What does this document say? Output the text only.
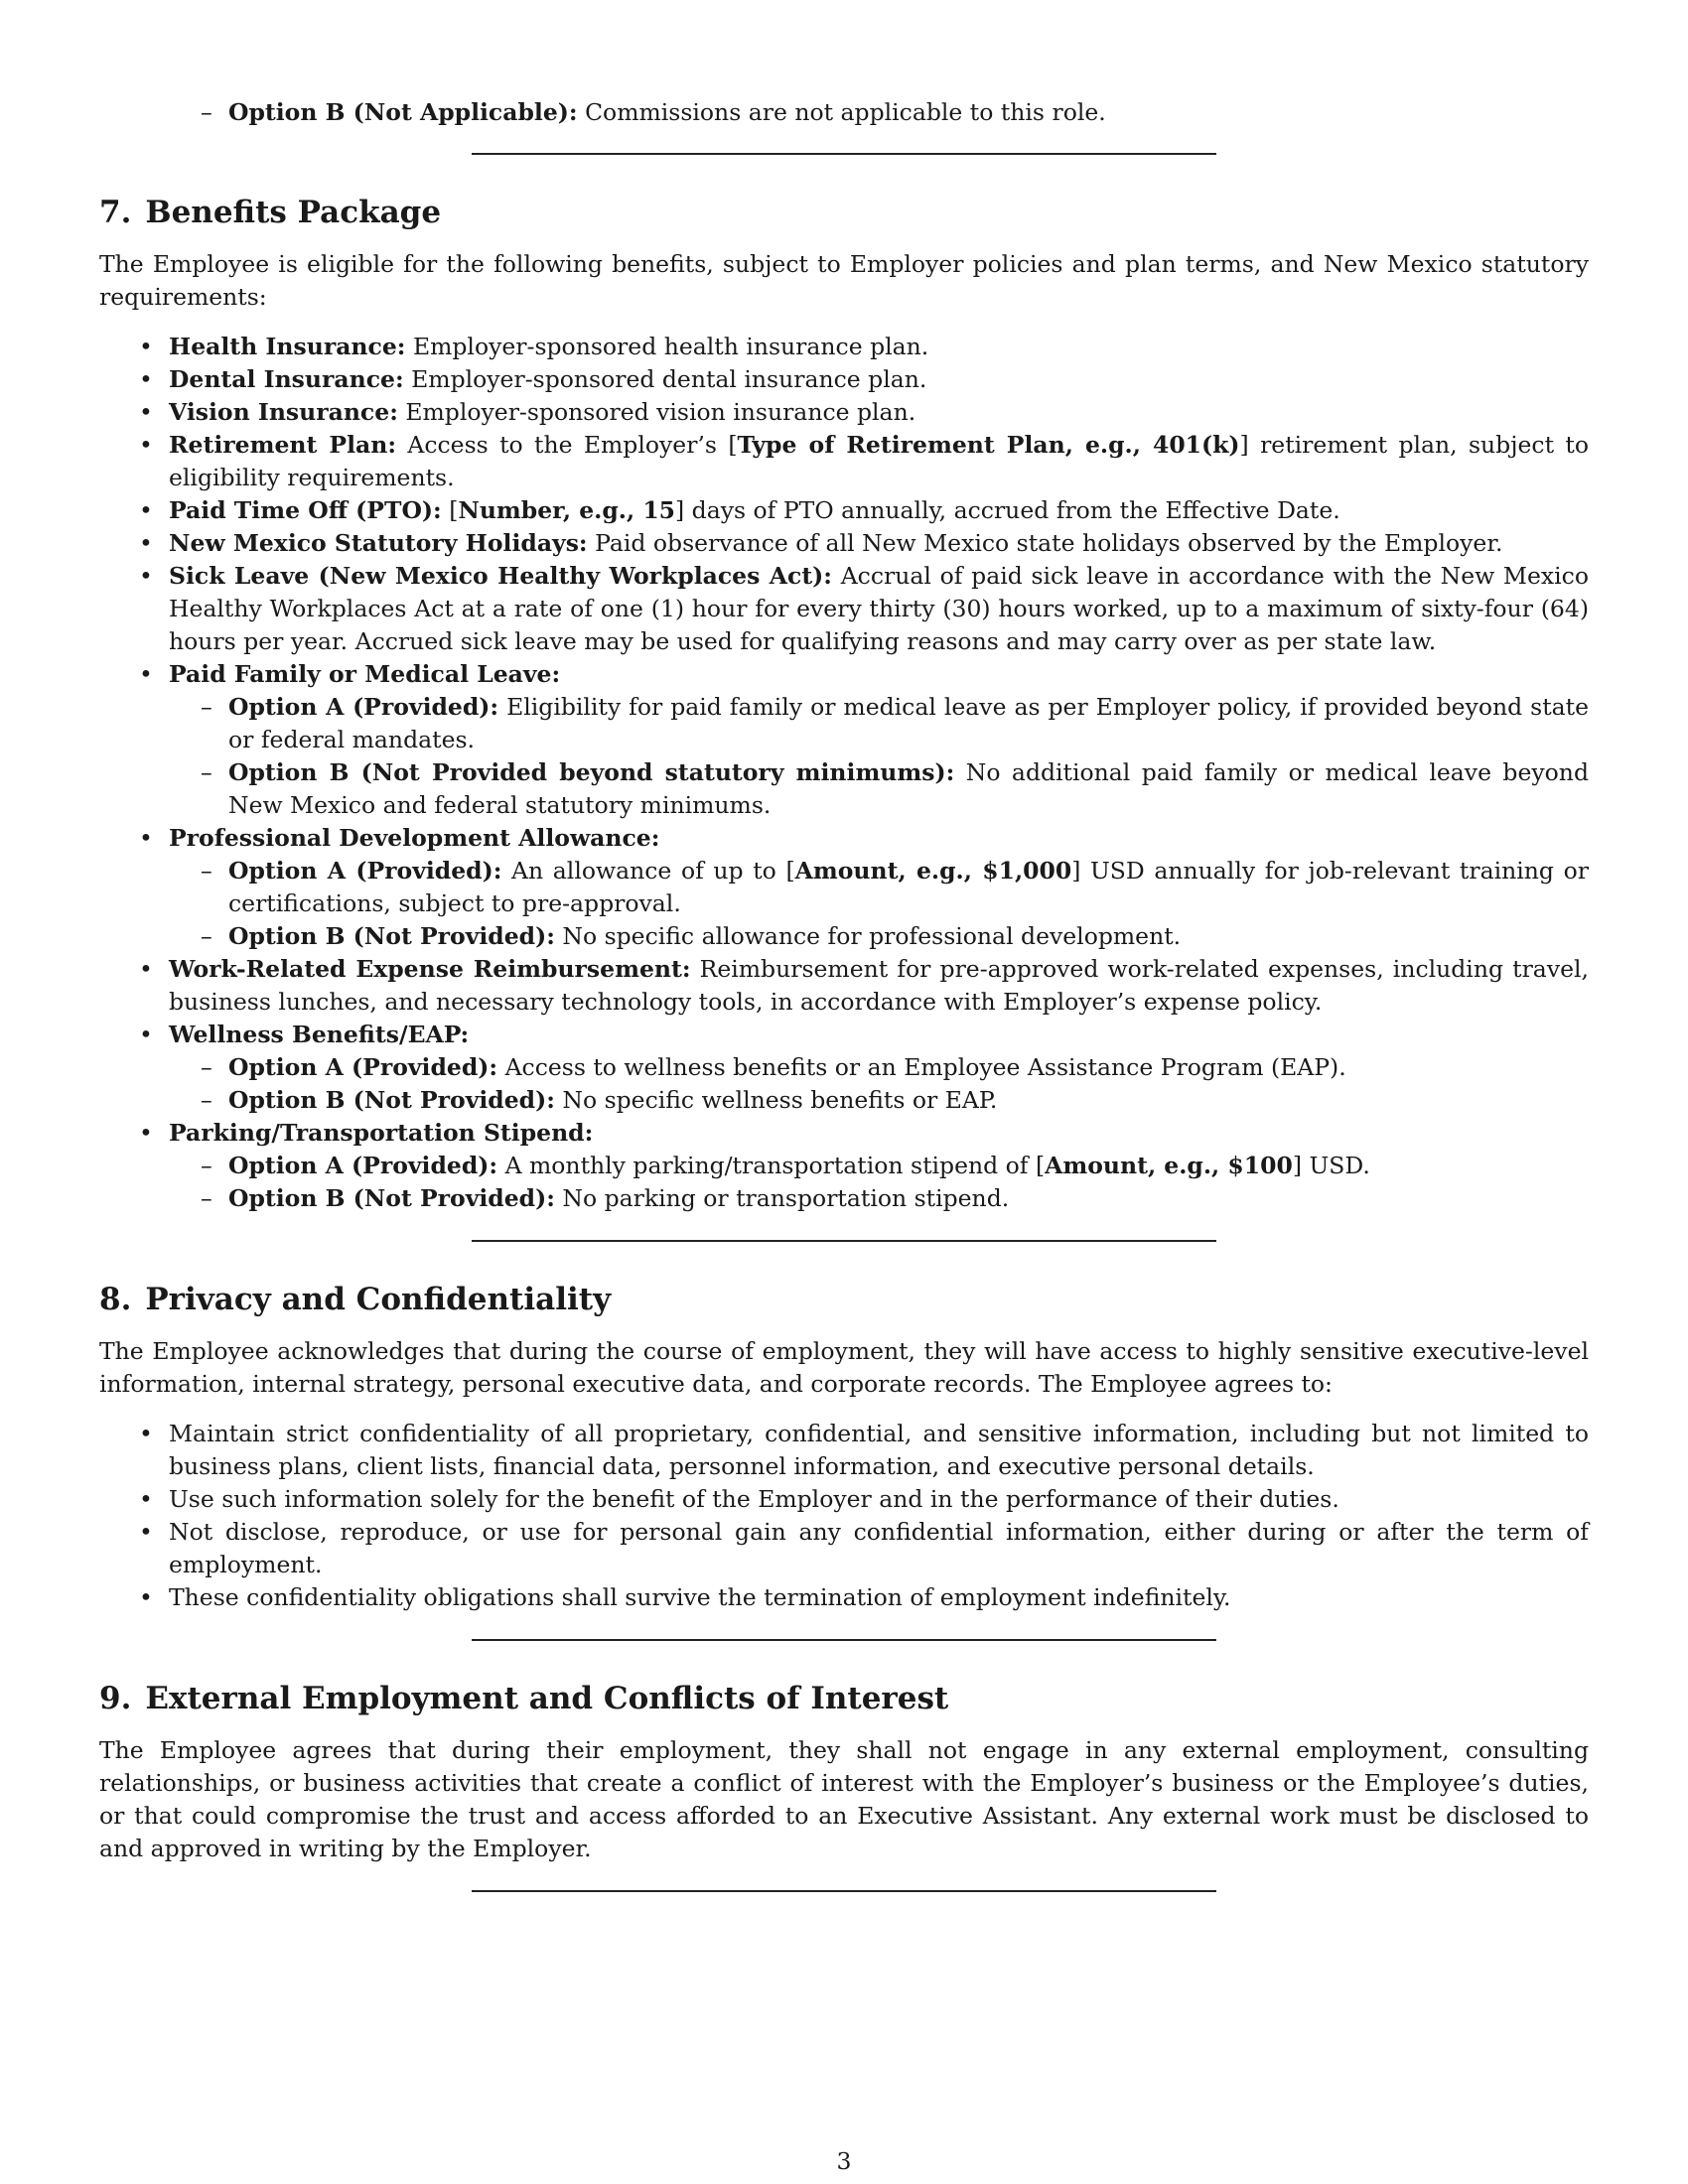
– Option B (Not Applicable): Commissions are not applicable to this role.
7. Benefits Package

The Employee is eligible for the following benefits, subject to Employer policies and plan terms, and New Mexico statutory requirements:

• Health Insurance: Employer-sponsored health insurance plan.
• Dental Insurance: Employer-sponsored dental insurance plan.
• Vision Insurance: Employer-sponsored vision insurance plan.
• Retirement Plan: Access to the Employer’s [Type of Retirement Plan, e.g., 401(k)] retirement plan, subject to eligibility requirements.
• Paid Time Off (PTO): [Number, e.g., 15] days of PTO annually, accrued from the Effective Date.
• New Mexico Statutory Holidays: Paid observance of all New Mexico state holidays observed by the Employer.
• Sick Leave (New Mexico Healthy Workplaces Act): Accrual of paid sick leave in accordance with the New Mexico Healthy Workplaces Act at a rate of one (1) hour for every thirty (30) hours worked, up to a maximum of sixty-four (64) hours per year. Accrued sick leave may be used for qualifying reasons and may carry over as per state law.
• Paid Family or Medical Leave:
– Option A (Provided): Eligibility for paid family or medical leave as per Employer policy, if provided beyond state or federal mandates.
– Option B (Not Provided beyond statutory minimums): No additional paid family or medical leave beyond New Mexico and federal statutory minimums.
• Professional Development Allowance:
– Option A (Provided): An allowance of up to [Amount, e.g., $1,000] USD annually for job-relevant training or certifications, subject to pre-approval.
– Option B (Not Provided): No specific allowance for professional development.
• Work-Related Expense Reimbursement: Reimbursement for pre-approved work-related expenses, including travel, business lunches, and necessary technology tools, in accordance with Employer’s expense policy.
• Wellness Benefits/EAP:
– Option A (Provided): Access to wellness benefits or an Employee Assistance Program (EAP).
– Option B (Not Provided): No specific wellness benefits or EAP.
• Parking/Transportation Stipend:
– Option A (Provided): A monthly parking/transportation stipend of [Amount, e.g., $100] USD.
– Option B (Not Provided): No parking or transportation stipend.
8. Privacy and Confidentiality

The Employee acknowledges that during the course of employment, they will have access to highly sensitive executive-level information, internal strategy, personal executive data, and corporate records. The Employee agrees to:

• Maintain strict confidentiality of all proprietary, confidential, and sensitive information, including but not limited to business plans, client lists, financial data, personnel information, and executive personal details.
• Use such information solely for the benefit of the Employer and in the performance of their duties.
• Not disclose, reproduce, or use for personal gain any confidential information, either during or after the term of employment.
• These confidentiality obligations shall survive the termination of employment indefinitely.
9. External Employment and Conflicts of Interest

The Employee agrees that during their employment, they shall not engage in any external employment, consulting relationships, or business activities that create a conflict of interest with the Employer’s business or the Employee’s duties, or that could compromise the trust and access afforded to an Executive Assistant. Any external work must be disclosed to and approved in writing by the Employer.

3
